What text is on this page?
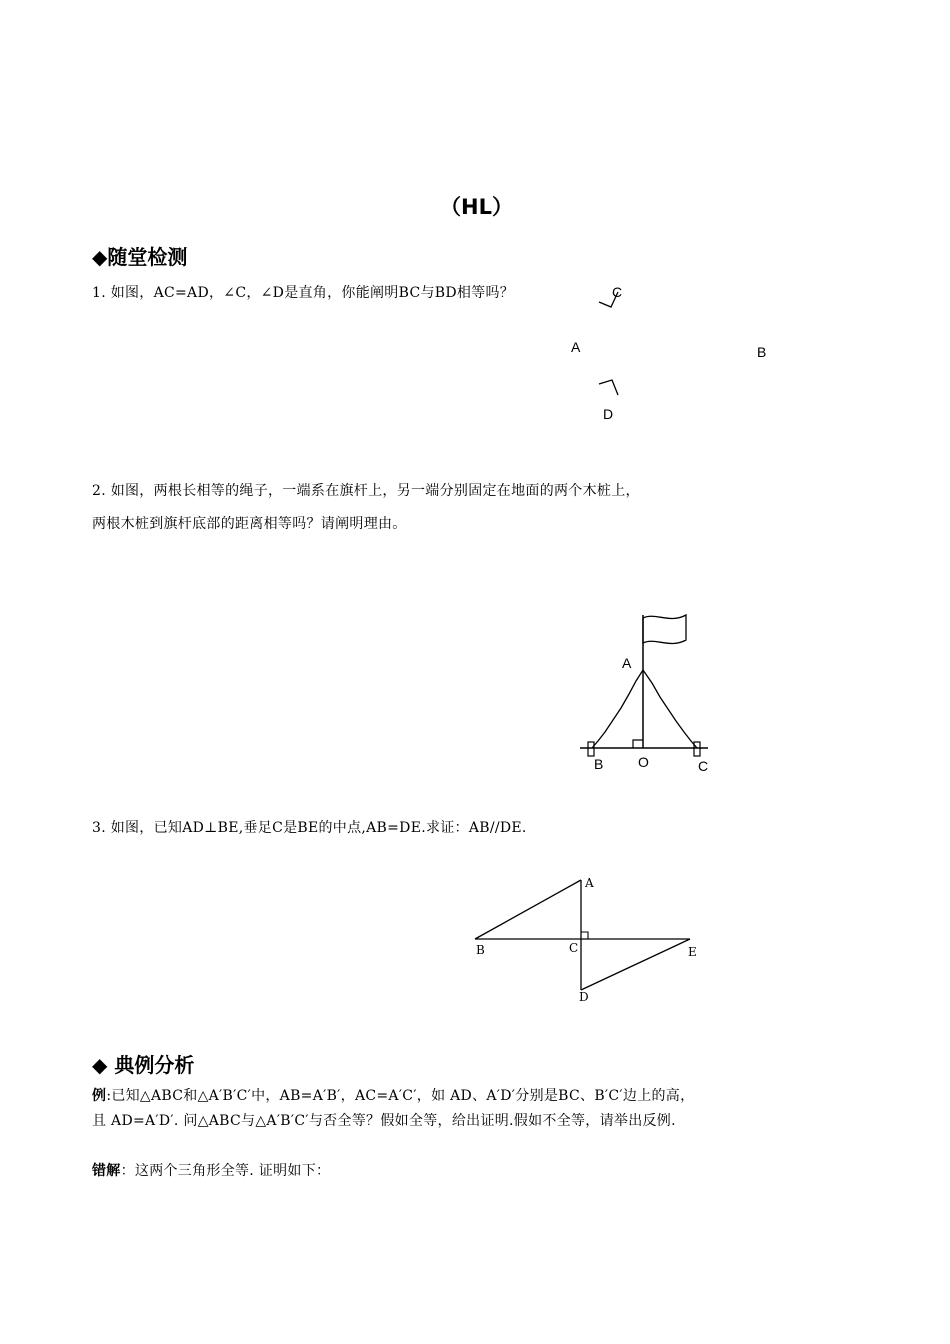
（HL）
◆随堂检测
1. 如图，AC=AD，∠C，∠D是直角，你能阐明BC与BD相等吗？	C
A	B
D
2. 如图，两根长相等的绳子，一端系在旗杆上，另一端分别固定在地面的两个木桩上，
两根木桩到旗杆底部的距离相等吗？请阐明理由。
A
B O	C
3. 如图，已知AD⊥BE,垂足C是BE的中点,AB=DE.求证：AB//DE.
A
B	C	E
D
◆ 典例分析
例:已知△ABC和△A′B′C′中，AB=A′B′，AC=A′C′，如 AD、A′D′分别是BC、B′C′边上的高，
且 AD=A′D′. 问△ABC与△A′B′C′与否全等？假如全等，给出证明.假如不全等，请举出反例.
错解：这两个三角形全等. 证明如下：
